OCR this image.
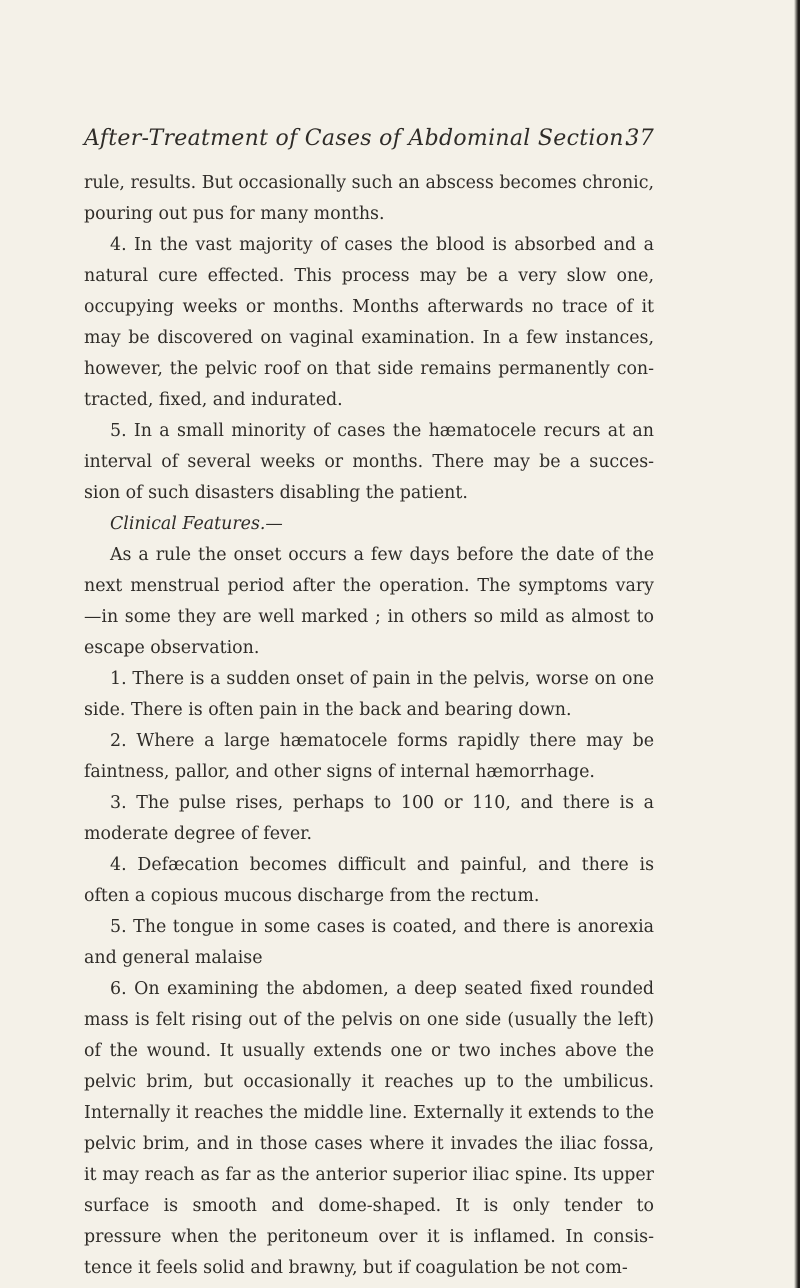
After-Treatment of Cases of Abdominal Section.
37

rule, results. But occasionally such an abscess becomes chronic, pouring out pus for many months.

4. In the vast majority of cases the blood is absorbed and a natural cure effected. This process may be a very slow one, occupying weeks or months. Months afterwards no trace of it may be discovered on vaginal examination. In a few instances, however, the pelvic roof on that side remains permanently con- tracted, fixed, and indurated.

5. In a small minority of cases the hæmatocele recurs at an interval of several weeks or months. There may be a succes- sion of such disasters disabling the patient.

Clinical Features.—

As a rule the onset occurs a few days before the date of the next menstrual period after the operation. The symptoms vary —in some they are well marked ; in others so mild as almost to escape observation.

1. There is a sudden onset of pain in the pelvis, worse on one side. There is often pain in the back and bearing down.

2. Where a large hæmatocele forms rapidly there may be faintness, pallor, and other signs of internal hæmorrhage.

3. The pulse rises, perhaps to 100 or 110, and there is a moderate degree of fever.

4. Defæcation becomes difficult and painful, and there is often a copious mucous discharge from the rectum.

5. The tongue in some cases is coated, and there is anorexia and general malaise

6. On examining the abdomen, a deep seated fixed rounded mass is felt rising out of the pelvis on one side (usually the left) of the wound. It usually extends one or two inches above the pelvic brim, but occasionally it reaches up to the umbilicus. Internally it reaches the middle line. Externally it extends to the pelvic brim, and in those cases where it invades the iliac fossa, it may reach as far as the anterior superior iliac spine. Its upper surface is smooth and dome-shaped. It is only tender to pressure when the peritoneum over it is inflamed. In consis- tence it feels solid and brawny, but if coagulation be not com-
